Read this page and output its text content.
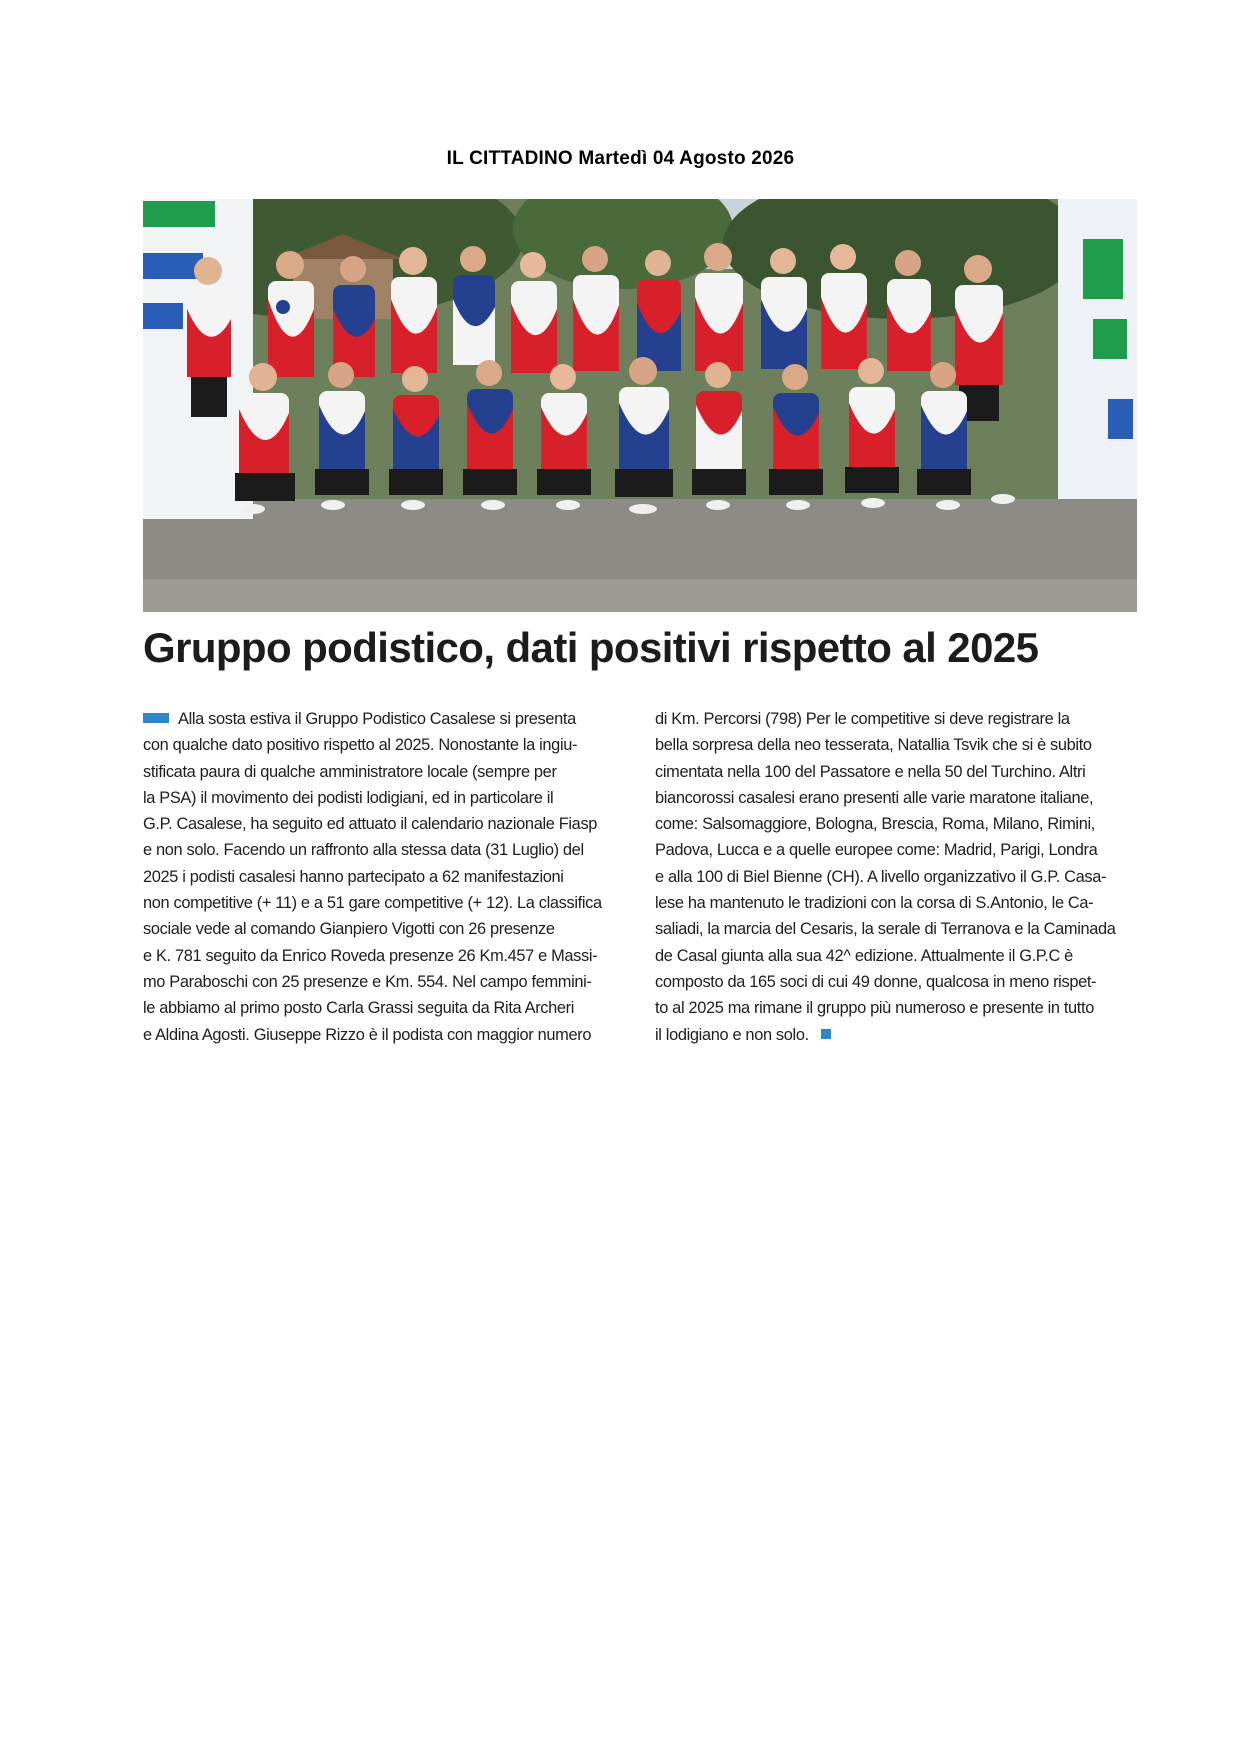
IL CITTADINO Martedì 04 Agosto 2026
Gruppo podistico, dati positivi rispetto al 2025
Alla sosta estiva il Gruppo Podistico Casalese si presenta
con qualche dato positivo rispetto al 2025. Nonostante la ingiu-
stificata paura di qualche amministratore locale (sempre per
la PSA) il movimento dei podisti lodigiani, ed in particolare il
G.P. Casalese, ha seguito ed attuato il calendario nazionale Fiasp
e non solo. Facendo un raffronto alla stessa data (31 Luglio) del
2025 i podisti casalesi hanno partecipato a 62 manifestazioni
non competitive (+ 11) e a 51 gare competitive (+ 12). La classifica
sociale vede al comando Gianpiero Vigotti con 26 presenze
e K. 781 seguito da Enrico Roveda presenze 26 Km.457 e Massi-
mo Paraboschi con 25 presenze e Km. 554. Nel campo femmini-
le abbiamo al primo posto Carla Grassi seguita da Rita Archeri
e Aldina Agosti. Giuseppe Rizzo è il podista con maggior numero
di Km. Percorsi (798) Per le competitive si deve registrare la
bella sorpresa della neo tesserata, Natallia Tsvik che si è subito
cimentata nella 100 del Passatore e nella 50 del Turchino. Altri
biancorossi casalesi erano presenti alle varie maratone italiane,
come: Salsomaggiore, Bologna, Brescia, Roma, Milano, Rimini,
Padova, Lucca e a quelle europee come: Madrid, Parigi, Londra
e alla 100 di Biel Bienne (CH). A livello organizzativo il G.P. Casa-
lese ha mantenuto le tradizioni con la corsa di S.Antonio, le Ca-
saliadi, la marcia del Cesaris, la serale di Terranova e la Caminada
de Casal giunta alla sua 42^ edizione. Attualmente il G.P.C è
composto da 165 soci di cui 49 donne, qualcosa in meno rispet-
to al 2025 ma rimane il gruppo più numeroso e presente in tutto
il lodigiano e non solo.
